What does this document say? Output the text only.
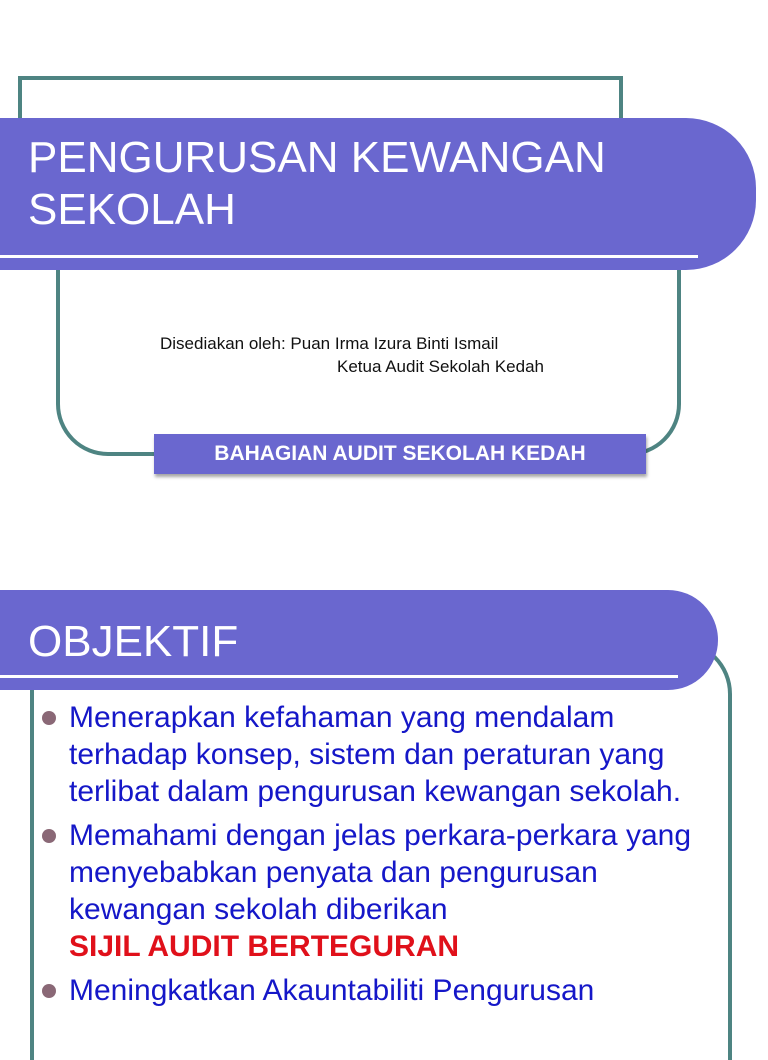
PENGURUSAN KEWANGAN
SEKOLAH
Disediakan oleh: Puan Irma Izura Binti Ismail
Ketua Audit Sekolah Kedah
BAHAGIAN AUDIT SEKOLAH KEDAH
OBJEKTIF
Menerapkan kefahaman yang mendalam terhadap konsep, sistem dan peraturan yang terlibat dalam pengurusan kewangan sekolah.
Memahami dengan jelas perkara-perkara yang menyebabkan penyata dan pengurusan kewangan sekolah diberikan
SIJIL AUDIT BERTEGURAN
Meningkatkan Akauntabiliti Pengurusan
